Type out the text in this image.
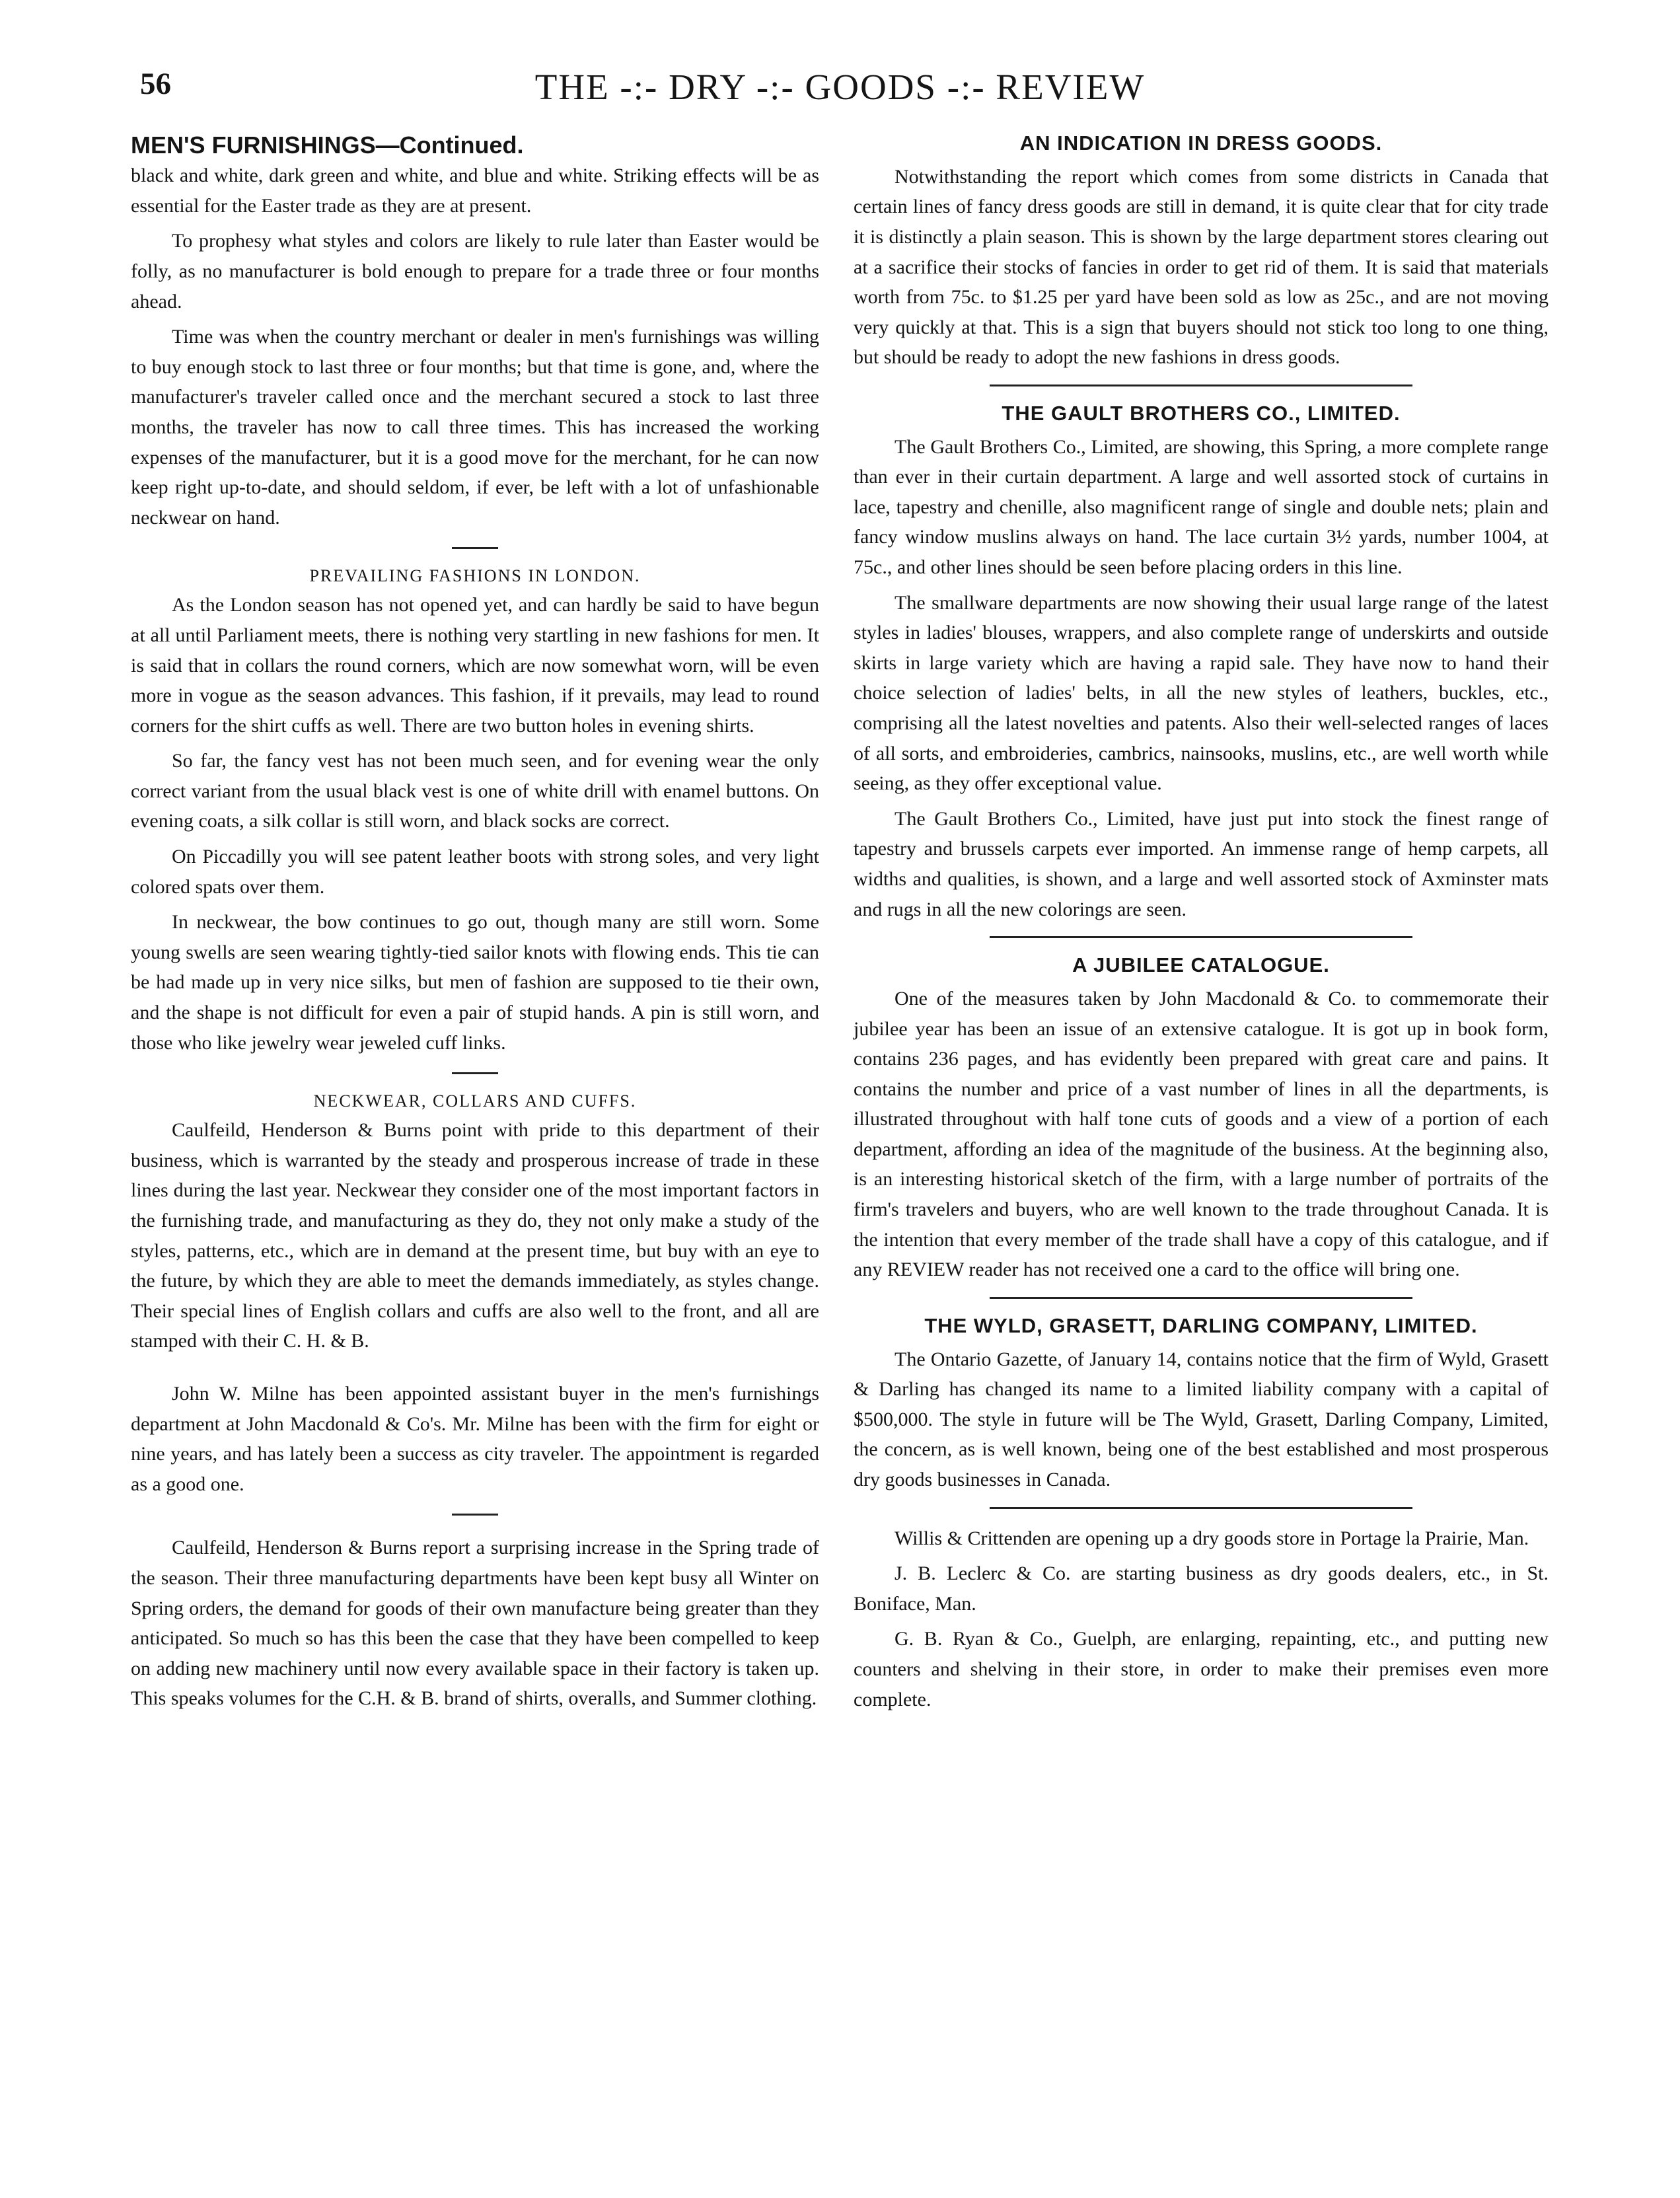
56	THE -:- DRY -:- GOODS -:- REVIEW
MEN'S FURNISHINGS—Continued.

black and white, dark green and white, and blue and white. Striking effects will be as essential for the Easter trade as they are at present.

To prophesy what styles and colors are likely to rule later than Easter would be folly, as no manufacturer is bold enough to prepare for a trade three or four months ahead.

Time was when the country merchant or dealer in men's furnishings was willing to buy enough stock to last three or four months; but that time is gone, and, where the manufacturer's traveler called once and the merchant secured a stock to last three months, the traveler has now to call three times. This has increased the working expenses of the manufacturer, but it is a good move for the merchant, for he can now keep right up-to-date, and should seldom, if ever, be left with a lot of unfashionable neckwear on hand.

PREVAILING FASHIONS IN LONDON.

As the London season has not opened yet, and can hardly be said to have begun at all until Parliament meets, there is nothing very startling in new fashions for men. It is said that in collars the round corners, which are now somewhat worn, will be even more in vogue as the season advances. This fashion, if it prevails, may lead to round corners for the shirt cuffs as well. There are two button holes in evening shirts.

So far, the fancy vest has not been much seen, and for evening wear the only correct variant from the usual black vest is one of white drill with enamel buttons. On evening coats, a silk collar is still worn, and black socks are correct.

On Piccadilly you will see patent leather boots with strong soles, and very light colored spats over them.

In neckwear, the bow continues to go out, though many are still worn. Some young swells are seen wearing tightly-tied sailor knots with flowing ends. This tie can be had made up in very nice silks, but men of fashion are supposed to tie their own, and the shape is not difficult for even a pair of stupid hands. A pin is still worn, and those who like jewelry wear jeweled cuff links.

NECKWEAR, COLLARS AND CUFFS.

Caulfeild, Henderson & Burns point with pride to this department of their business, which is warranted by the steady and prosperous increase of trade in these lines during the last year. Neckwear they consider one of the most important factors in the furnishing trade, and manufacturing as they do, they not only make a study of the styles, patterns, etc., which are in demand at the present time, but buy with an eye to the future, by which they are able to meet the demands immediately, as styles change. Their special lines of English collars and cuffs are also well to the front, and all are stamped with their C. H. & B.

John W. Milne has been appointed assistant buyer in the men's furnishings department at John Macdonald & Co's. Mr. Milne has been with the firm for eight or nine years, and has lately been a success as city traveler. The appointment is regarded as a good one.

Caulfeild, Henderson & Burns report a surprising increase in the Spring trade of the season. Their three manufacturing departments have been kept busy all Winter on Spring orders, the demand for goods of their own manufacture being greater than they anticipated. So much so has this been the case that they have been compelled to keep on adding new machinery until now every available space in their factory is taken up. This speaks volumes for the C.H. & B. brand of shirts, overalls, and Summer clothing.

AN INDICATION IN DRESS GOODS.

Notwithstanding the report which comes from some districts in Canada that certain lines of fancy dress goods are still in demand, it is quite clear that for city trade it is distinctly a plain season. This is shown by the large department stores clearing out at a sacrifice their stocks of fancies in order to get rid of them. It is said that materials worth from 75c. to $1.25 per yard have been sold as low as 25c., and are not moving very quickly at that. This is a sign that buyers should not stick too long to one thing, but should be ready to adopt the new fashions in dress goods.

THE GAULT BROTHERS CO., LIMITED.

The Gault Brothers Co., Limited, are showing, this Spring, a more complete range than ever in their curtain department. A large and well assorted stock of curtains in lace, tapestry and chenille, also magnificent range of single and double nets; plain and fancy window muslins always on hand. The lace curtain 3½ yards, number 1004, at 75c., and other lines should be seen before placing orders in this line.

The smallware departments are now showing their usual large range of the latest styles in ladies' blouses, wrappers, and also complete range of underskirts and outside skirts in large variety which are having a rapid sale. They have now to hand their choice selection of ladies' belts, in all the new styles of leathers, buckles, etc., comprising all the latest novelties and patents. Also their well-selected ranges of laces of all sorts, and embroideries, cambrics, nainsooks, muslins, etc., are well worth while seeing, as they offer exceptional value.

The Gault Brothers Co., Limited, have just put into stock the finest range of tapestry and brussels carpets ever imported. An immense range of hemp carpets, all widths and qualities, is shown, and a large and well assorted stock of Axminster mats and rugs in all the new colorings are seen.

A JUBILEE CATALOGUE.

One of the measures taken by John Macdonald & Co. to commemorate their jubilee year has been an issue of an extensive catalogue. It is got up in book form, contains 236 pages, and has evidently been prepared with great care and pains. It contains the number and price of a vast number of lines in all the departments, is illustrated throughout with half tone cuts of goods and a view of a portion of each department, affording an idea of the magnitude of the business. At the beginning also, is an interesting historical sketch of the firm, with a large number of portraits of the firm's travelers and buyers, who are well known to the trade throughout Canada. It is the intention that every member of the trade shall have a copy of this catalogue, and if any REVIEW reader has not received one a card to the office will bring one.

THE WYLD, GRASETT, DARLING COMPANY, LIMITED.

The Ontario Gazette, of January 14, contains notice that the firm of Wyld, Grasett & Darling has changed its name to a limited liability company with a capital of $500,000. The style in future will be The Wyld, Grasett, Darling Company, Limited, the concern, as is well known, being one of the best established and most prosperous dry goods businesses in Canada.

Willis & Crittenden are opening up a dry goods store in Portage la Prairie, Man.

J. B. Leclerc & Co. are starting business as dry goods dealers, etc., in St. Boniface, Man.

G. B. Ryan & Co., Guelph, are enlarging, repainting, etc., and putting new counters and shelving in their store, in order to make their premises even more complete.
